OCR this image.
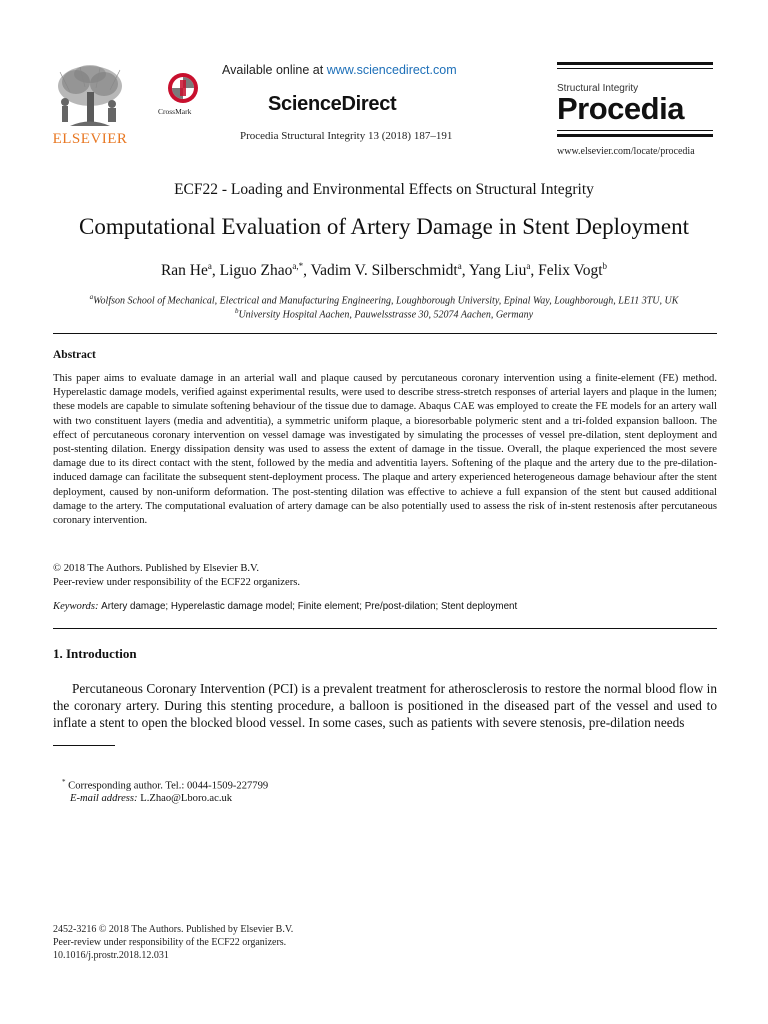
ELSEVIER
CrossMark
Available online at www.sciencedirect.com
ScienceDirect
Procedia Structural Integrity 13 (2018) 187–191
Structural Integrity
Procedia
www.elsevier.com/locate/procedia
ECF22 - Loading and Environmental Effects on Structural Integrity
Computational Evaluation of Artery Damage in Stent Deployment
Ran He$^a$, Liguo Zhao$^{a,*}$, Vadim V. Silberschmidt$^a$, Yang Liu$^a$, Felix Vogt$^b$
$^a$Wolfson School of Mechanical, Electrical and Manufacturing Engineering, Loughborough University, Epinal Way, Loughborough, LE11 3TU, UK
$^b$University Hospital Aachen, Pauwelsstrasse 30, 52074 Aachen, Germany
Abstract
This paper aims to evaluate damage in an arterial wall and plaque caused by percutaneous coronary intervention using a finite-element (FE) method. Hyperelastic damage models, verified against experimental results, were used to describe stress-stretch responses of arterial layers and plaque in the lumen; these models are capable to simulate softening behaviour of the tissue due to damage. Abaqus CAE was employed to create the FE models for an artery wall with two constituent layers (media and adventitia), a symmetric uniform plaque, a bioresorbable polymeric stent and a tri-folded expansion balloon. The effect of percutaneous coronary intervention on vessel damage was investigated by simulating the processes of vessel pre-dilation, stent deployment and post-stenting dilation. Energy dissipation density was used to assess the extent of damage in the tissue. Overall, the plaque experienced the most severe damage due to its direct contact with the stent, followed by the media and adventitia layers. Softening of the plaque and the artery due to the pre-dilation-induced damage can facilitate the subsequent stent-deployment process. The plaque and artery experienced heterogeneous damage behaviour after the stent deployment, caused by non-uniform deformation. The post-stenting dilation was effective to achieve a full expansion of the stent but caused additional damage to the artery. The computational evaluation of artery damage can be also potentially used to assess the risk of in-stent restenosis after percutaneous coronary intervention.
© 2018 The Authors. Published by Elsevier B.V.
Peer-review under responsibility of the ECF22 organizers.
Keywords: Artery damage; Hyperelastic damage model; Finite element; Pre/post-dilation; Stent deployment
1. Introduction
Percutaneous Coronary Intervention (PCI) is a prevalent treatment for atherosclerosis to restore the normal blood flow in the coronary artery. During this stenting procedure, a balloon is positioned in the diseased part of the vessel and used to inflate a stent to open the blocked blood vessel. In some cases, such as patients with severe stenosis, pre-dilation needs
* Corresponding author. Tel.: 0044-1509-227799
E-mail address: L.Zhao@Lboro.ac.uk
2452-3216 © 2018 The Authors. Published by Elsevier B.V.
Peer-review under responsibility of the ECF22 organizers.
10.1016/j.prostr.2018.12.031
